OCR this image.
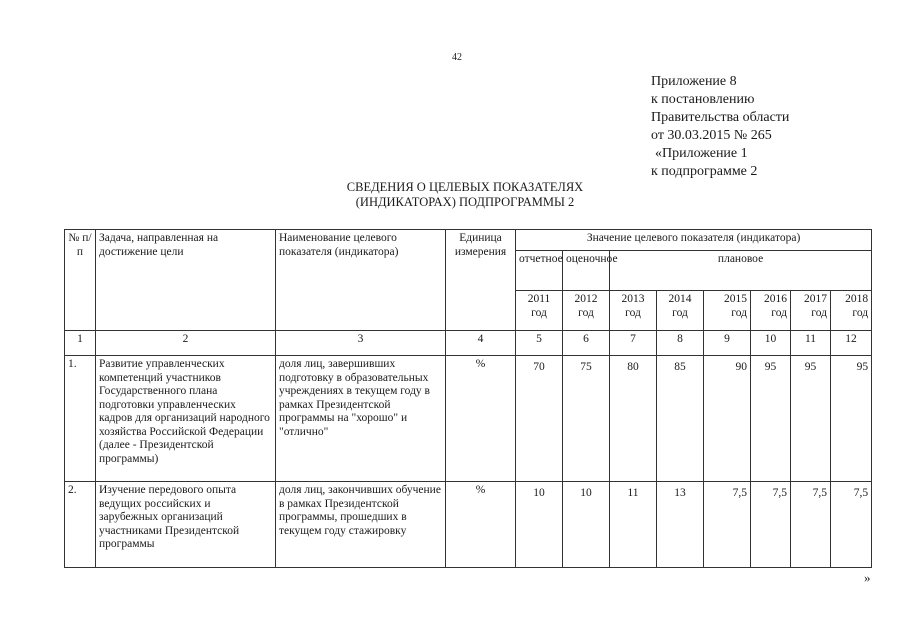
42
Приложение 8
к постановлению
Правительства области
от 30.03.2015 № 265
«Приложение 1
к подпрограмме 2
СВЕДЕНИЯ О ЦЕЛЕВЫХ ПОКАЗАТЕЛЯХ
(ИНДИКАТОРАХ) ПОДПРОГРАММЫ 2
№ п/п	Задача, направленная на достижение цели	Наименование целевого показателя (индикатора)	Единица измерения	Значение целевого показателя (индикатора)							
				отчетное	оценочное	плановое					
				2011 год	2012 год	2013 год	2014 год	2015 год	2016 год	2017 год	2018 год
1	2	3	4	5	6	7	8	9	10	11	12
1.	Развитие управленческих компетенций участников Государственного плана подготовки управленческих кадров для организаций народного хозяйства Российской Федерации (далее - Президентской программы)	доля лиц, завершивших подготовку в образовательных учреждениях в текущем году в рамках Президентской программы на "хорошо" и "отлично"	%	70	75	80	85	90	95	95	95
2.	Изучение передового опыта ведущих российских и зарубежных организаций участниками Президентской программы	доля лиц, закончивших обучение в рамках Президентской программы, прошедших в текущем году стажировку	%	10	10	11	13	7,5	7,5	7,5	7,5
»
